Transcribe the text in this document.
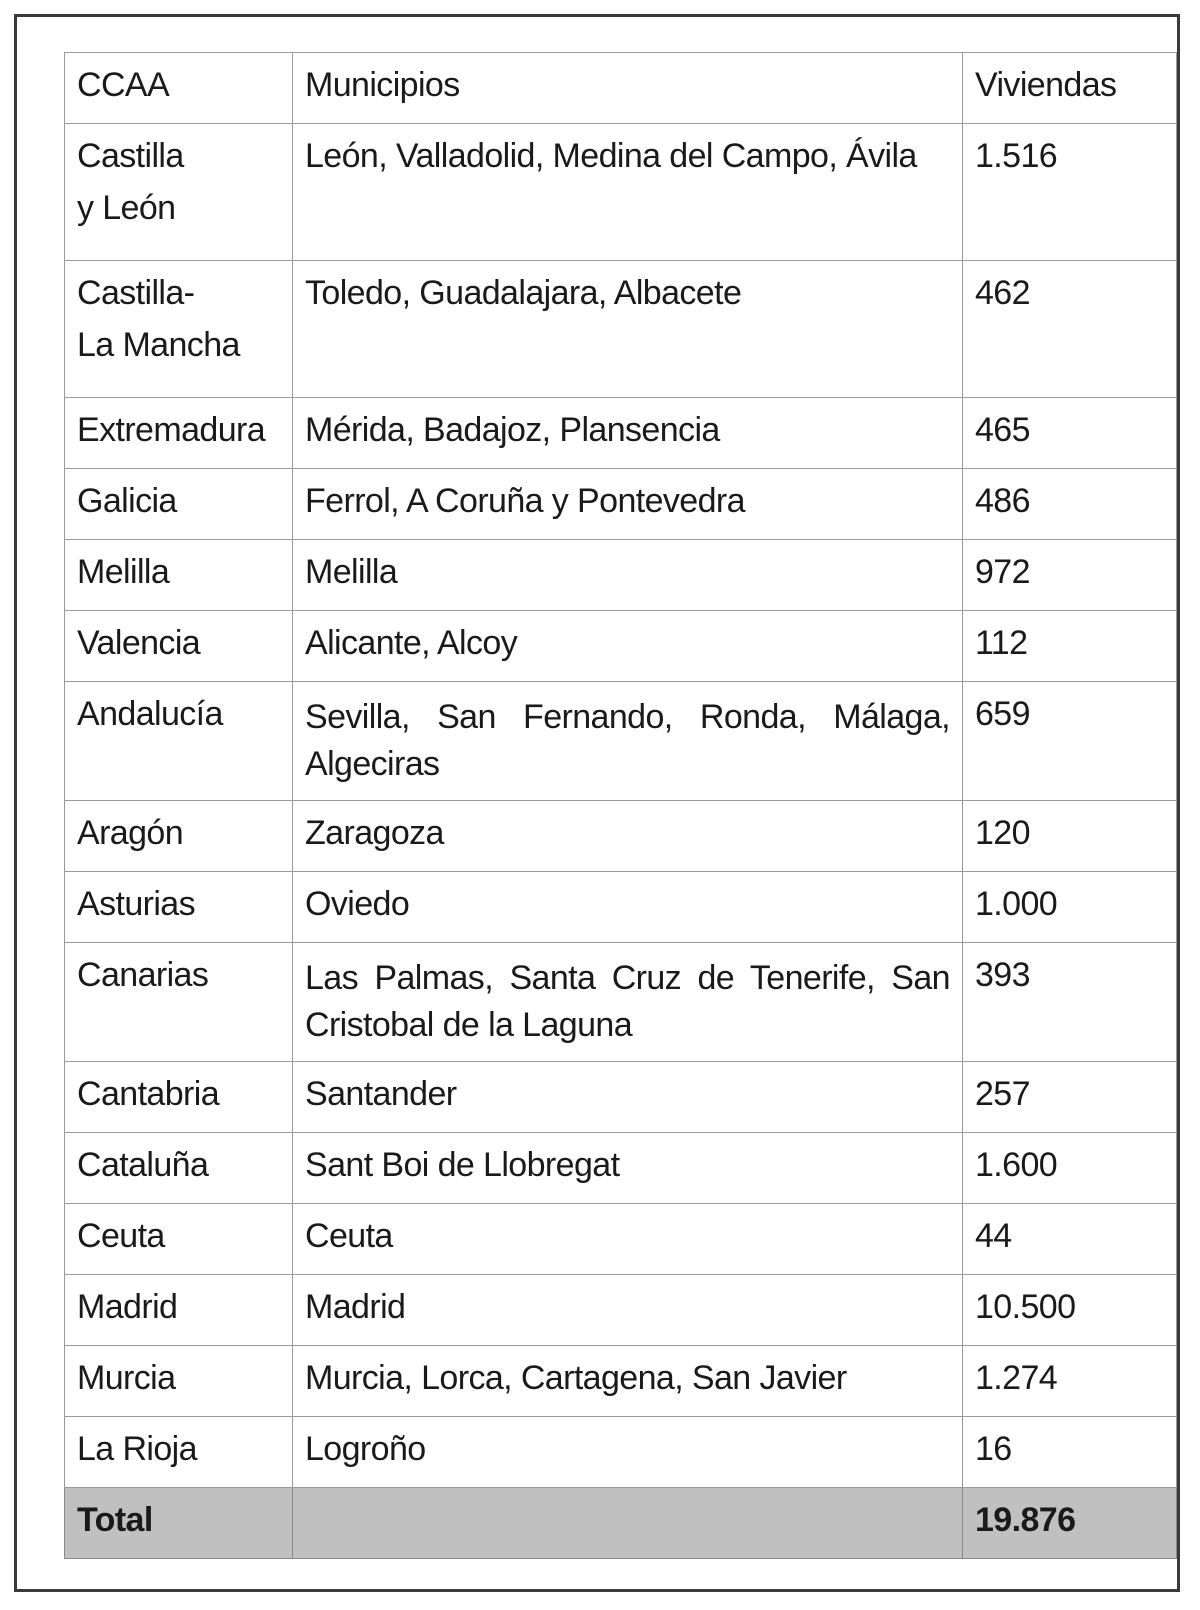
CCAA	Municipios	Viviendas

Castilla
y León	León, Valladolid, Medina del Campo, Ávila	1.516

Castilla-
La Mancha	Toledo, Guadalajara, Albacete	462
Extremadura	Mérida, Badajoz, Plansencia	465
Galicia	Ferrol, A Coruña y Pontevedra	486
Melilla	Melilla	972
Valencia	Alicante, Alcoy	112
Andalucía	Sevilla, San Fernando, Ronda, Málaga, Algeciras	659
Aragón	Zaragoza	120
Asturias	Oviedo	1.000
Canarias	Las Palmas, Santa Cruz de Tenerife, San Cristobal de la Laguna	393
Cantabria	Santander	257
Cataluña	Sant Boi de Llobregat	1.600
Ceuta	Ceuta	44
Madrid	Madrid	10.500
Murcia	Murcia, Lorca, Cartagena, San Javier	1.274
La Rioja	Logroño	16
Total		19.876
